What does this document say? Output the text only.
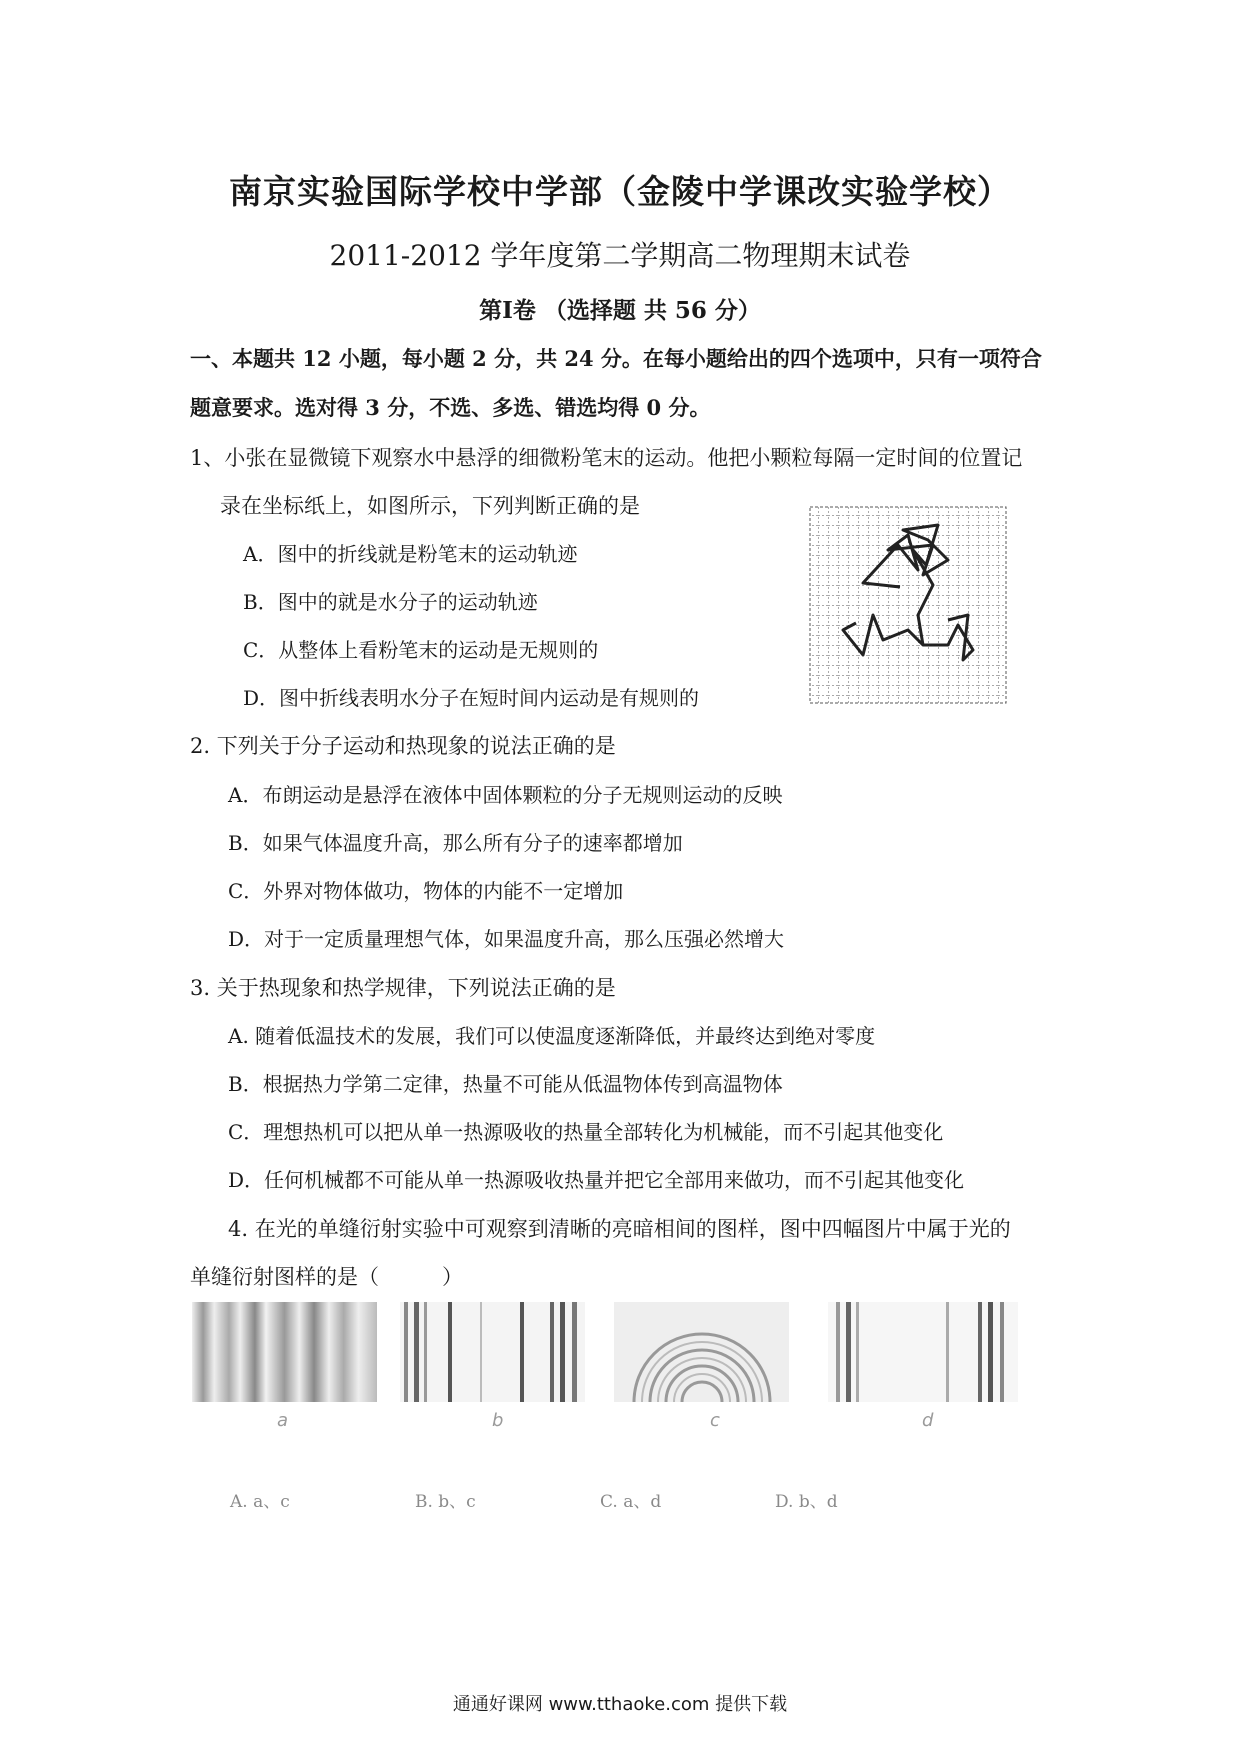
南京实验国际学校中学部（金陵中学课改实验学校）
2011-2012 学年度第二学期高二物理期末试卷
第Ⅰ卷 （选择题 共 56 分）
一、本题共 12 小题，每小题 2 分，共 24 分。在每小题给出的四个选项中，只有一项符合
题意要求。选对得 3 分，不选、多选、错选均得 0 分。
1、小张在显微镜下观察水中悬浮的细微粉笔末的运动。他把小颗粒每隔一定时间的位置记
录在坐标纸上，如图所示，下列判断正确的是
A．图中的折线就是粉笔末的运动轨迹
B．图中的就是水分子的运动轨迹
C．从整体上看粉笔末的运动是无规则的
D．图中折线表明水分子在短时间内运动是有规则的
2. 下列关于分子运动和热现象的说法正确的是
A．布朗运动是悬浮在液体中固体颗粒的分子无规则运动的反映
B．如果气体温度升高，那么所有分子的速率都增加
C．外界对物体做功，物体的内能不一定增加
D．对于一定质量理想气体，如果温度升高，那么压强必然增大
3. 关于热现象和热学规律，下列说法正确的是
A. 随着低温技术的发展，我们可以使温度逐渐降低，并最终达到绝对零度
B．根据热力学第二定律，热量不可能从低温物体传到高温物体
C．理想热机可以把从单一热源吸收的热量全部转化为机械能，而不引起其他变化
D．任何机械都不可能从单一热源吸收热量并把它全部用来做功，而不引起其他变化
4. 在光的单缝衍射实验中可观察到清晰的亮暗相间的图样，图中四幅图片中属于光的
单缝衍射图样的是（　　　）
a	b	c	d
A. a、c	B. b、c	C. a、d	D. b、d
通通好课网 www.tthaoke.com 提供下载
